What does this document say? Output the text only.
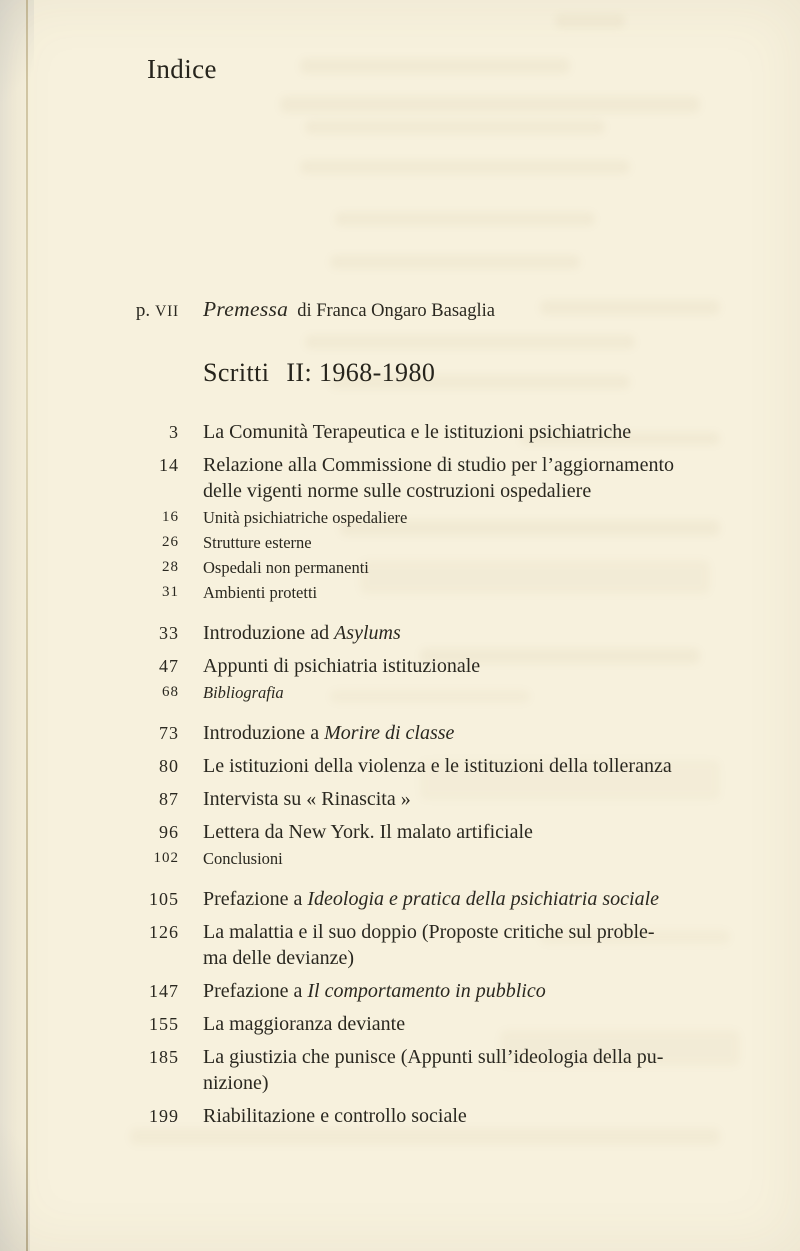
Indice
p. VII Premessa di Franca Ongaro Basaglia
Scritti II: 1968-1980
3 La Comunità Terapeutica e le istituzioni psichiatriche
14 Relazione alla Commissione di studio per l’aggiornamento
delle vigenti norme sulle costruzioni ospedaliere
16 Unità psichiatriche ospedaliere
26 Strutture esterne
28 Ospedali non permanenti
31 Ambienti protetti
33 Introduzione ad Asylums
47 Appunti di psichiatria istituzionale
68 Bibliografia
73 Introduzione a Morire di classe
80 Le istituzioni della violenza e le istituzioni della tolleranza
87 Intervista su « Rinascita »
96 Lettera da New York. Il malato artificiale
102 Conclusioni
105 Prefazione a Ideologia e pratica della psichiatria sociale
126 La malattia e il suo doppio (Proposte critiche sul proble-
ma delle devianze)
147 Prefazione a Il comportamento in pubblico
155 La maggioranza deviante
185 La giustizia che punisce (Appunti sull’ideologia della pu-
nizione)
199 Riabilitazione e controllo sociale
